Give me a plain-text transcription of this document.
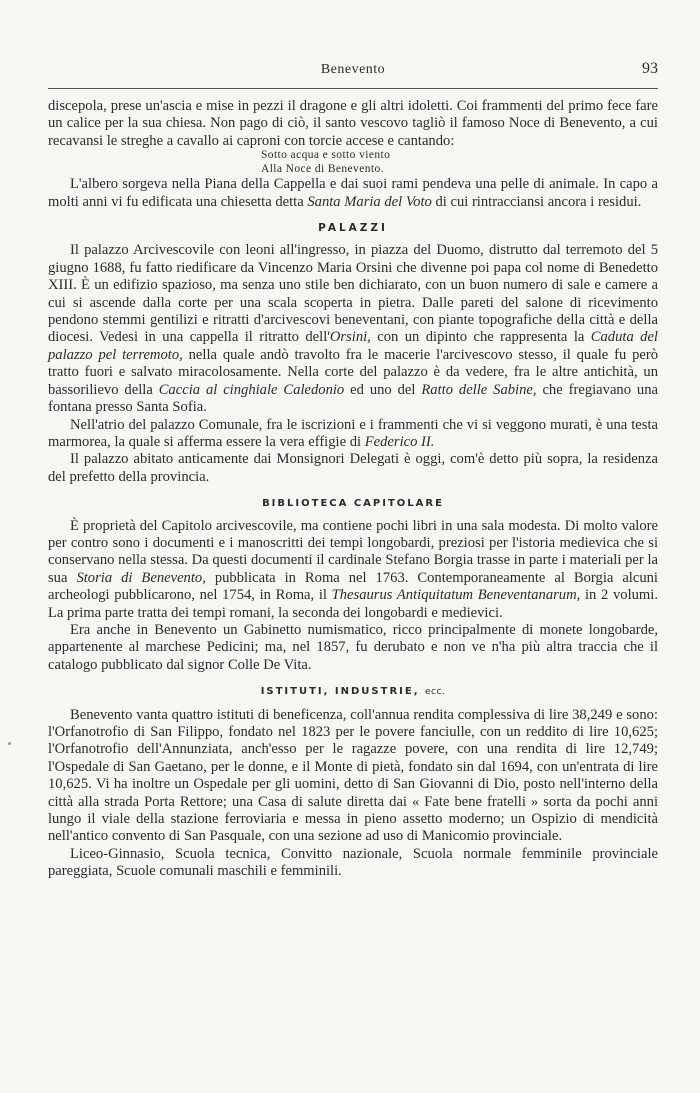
Benevento	93

discepola, prese un'ascia e mise in pezzi il dragone e gli altri idoletti. Coi frammenti del primo fece fare un calice per la sua chiesa. Non pago di ciò, il santo vescovo tagliò il famoso Noce di Benevento, a cui recavansi le streghe a cavallo ai caproni con torcie accese e cantando:

Sotto acqua e sotto viento
Alla Noce di Benevento.

L'albero sorgeva nella Piana della Cappella e dai suoi rami pendeva una pelle di animale. In capo a molti anni vi fu edificata una chiesetta detta Santa Maria del Voto di cui rintracciansi ancora i residui.

PALAZZI

Il palazzo Arcivescovile con leoni all'ingresso, in piazza del Duomo, distrutto dal terremoto del 5 giugno 1688, fu fatto riedificare da Vincenzo Maria Orsini che divenne poi papa col nome di Benedetto XIII. È un edifizio spazioso, ma senza uno stile ben dichiarato, con un buon numero di sale e camere a cui si ascende dalla corte per una scala scoperta in pietra. Dalle pareti del salone di ricevimento pendono stemmi gentilizi e ritratti d'arcivescovi beneventani, con piante topografiche della città e della diocesi. Vedesi in una cappella il ritratto dell'Orsini, con un dipinto che rappresenta la Caduta del palazzo pel terremoto, nella quale andò travolto fra le macerie l'arcivescovo stesso, il quale fu però tratto fuori e salvato miracolosamente. Nella corte del palazzo è da vedere, fra le altre antichità, un bassorilievo della Caccia al cinghiale Caledonio ed uno del Ratto delle Sabine, che fregiavano una fontana presso Santa Sofia.

Nell'atrio del palazzo Comunale, fra le iscrizioni e i frammenti che vi si veggono murati, è una testa marmorea, la quale si afferma essere la vera effigie di Federico II.

Il palazzo abitato anticamente dai Monsignori Delegati è oggi, com'è detto più sopra, la residenza del prefetto della provincia.

BIBLIOTECA CAPITOLARE

È proprietà del Capitolo arcivescovile, ma contiene pochi libri in una sala modesta. Di molto valore per contro sono i documenti e i manoscritti dei tempi longobardi, preziosi per l'istoria medievica che si conservano nella stessa. Da questi documenti il cardinale Stefano Borgia trasse in parte i materiali per la sua Storia di Benevento, pubblicata in Roma nel 1763. Contemporaneamente al Borgia alcuni archeologi pubblicarono, nel 1754, in Roma, il Thesaurus Antiquitatum Beneventanarum, in 2 volumi. La prima parte tratta dei tempi romani, la seconda dei longobardi e medievici.

Era anche in Benevento un Gabinetto numismatico, ricco principalmente di monete longobarde, appartenente al marchese Pedicini; ma, nel 1857, fu derubato e non ve n'ha più altra traccia che il catalogo pubblicato dal signor Colle De Vita.

ISTITUTI, INDUSTRIE, ecc.

Benevento vanta quattro istituti di beneficenza, coll'annua rendita complessiva di lire 38,249 e sono: l'Orfanotrofio di San Filippo, fondato nel 1823 per le povere fanciulle, con un reddito di lire 10,625; l'Orfanotrofio dell'Annunziata, anch'esso per le ragazze povere, con una rendita di lire 12,749; l'Ospedale di San Gaetano, per le donne, e il Monte di pietà, fondato sin dal 1694, con un'entrata di lire 10,625. Vi ha inoltre un Ospedale per gli uomini, detto di San Giovanni di Dio, posto nell'interno della città alla strada Porta Rettore; una Casa di salute diretta dai « Fate bene fratelli » sorta da pochi anni lungo il viale della stazione ferroviaria e messa in pieno assetto moderno; un Ospizio di mendicità nell'antico convento di San Pasquale, con una sezione ad uso di Manicomio provinciale.

Liceo-Ginnasio, Scuola tecnica, Convitto nazionale, Scuola normale femminile provinciale pareggiata, Scuole comunali maschili e femminili.
